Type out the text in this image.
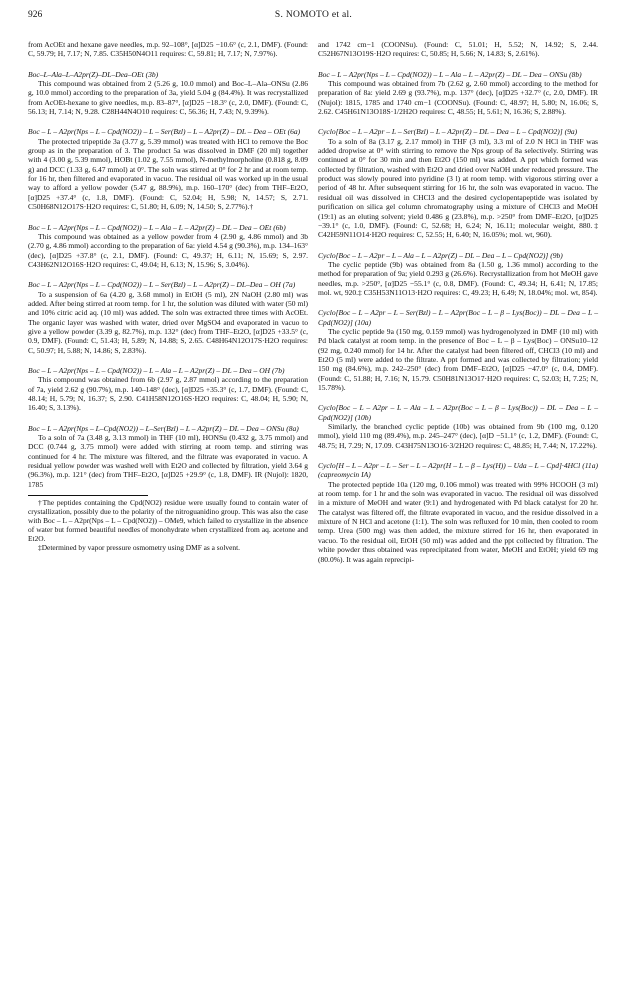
926	S. NOMOTO et al.

from AcOEt and hexane gave needles, m.p. 92–108°, [α]D25 −10.6° (c, 2.1, DMF). (Found: C, 59.79; H, 7.17; N, 7.85. C35H50N4O11 requires: C, 59.81; H, 7.17; N, 7.97%).

Boc–L–Ala–L–A2pr(Z)–DL–Dea–OEt (3b)

This compound was obtained from 2 (5.26 g, 10.0 mmol) and Boc–L–Ala–ONSu (2.86 g, 10.0 mmol) according to the preparation of 3a, yield 5.04 g (84.4%). It was recrystallized from AcOEt-hexane to give needles, m.p. 83–87°, [α]D25 −18.3° (c, 2.0, DMF). (Found: C, 56.13; H, 7.14; N, 9.28. C28H44N4O10 requires: C, 56.36; H, 7.43; N, 9.39%).

Boc – L – A2pr(Nps – L – Cpd(NO2)) – L – Ser(Bzl) – L – A2pr(Z) – DL – Dea – OEt (6a)

The protected tripeptide 3a (3.77 g, 5.39 mmol) was treated with HCl to remove the Boc group as in the preparation of 3. The product 5a was dissolved in DMF (20 ml) together with 4 (3.00 g, 5.39 mmol), HOBt (1.02 g, 7.55 mmol), N-methylmorpholine (0.818 g, 8.09 g) and DCC (1.33 g, 6.47 mmol) at 0°. The soln was stirred at 0° for 2 hr and at room temp. for 16 hr, then filtered and evaporated in vacuo. The residual oil was worked up in the usual way to afford a yellow powder (5.47 g, 88.9%), m.p. 160–170° (dec) from THF–Et2O, [α]D25 +37.4° (c, 1.8, DMF). (Found: C, 52.04; H, 5.98; N, 14.57; S, 2.71. C50H68N12O17S·H2O requires: C, 51.80; H, 6.09; N, 14.50; S, 2.77%).†

Boc – L – A2pr(Nps – L – Cpd(NO2)) – L – Ala – L – A2pr(Z) – DL – Dea – OEt (6b)

This compound was obtained as a yellow powder from 4 (2.90 g, 4.86 mmol) and 3b (2.70 g, 4.86 mmol) according to the preparation of 6a: yield 4.54 g (90.3%), m.p. 134–163° (dec), [α]D25 +37.8° (c, 2.1, DMF). (Found: C, 49.37; H, 6.11; N, 15.69; S, 2.97. C43H62N12O16S·H2O requires: C, 49.04; H, 6.13; N, 15.96; S, 3.04%).

Boc – L – A2pr(Nps – L – Cpd(NO2)) – L – Ser(Bzl) – L – A2pr(Z) – DL–Dea – OH (7a)

To a suspension of 6a (4.20 g, 3.68 mmol) in EtOH (5 ml), 2N NaOH (2.80 ml) was added. After being stirred at room temp. for 1 hr, the solution was diluted with water (50 ml) and 10% citric acid aq. (10 ml) was added. The soln was extracted three times with AcOEt. The organic layer was washed with water, dried over MgSO4 and evaporated in vacuo to give a yellow powder (3.39 g, 82.7%), m.p. 132° (dec) from THF–Et2O, [α]D25 +33.5° (c, 0.9, DMF). (Found: C, 51.43; H, 5.89; N, 14.88; S, 2.65. C48H64N12O17S·H2O requires: C, 50.97; H, 5.88; N, 14.86; S, 2.83%).

Boc – L – A2pr(Nps – L – Cpd(NO2)) – L – Ala – L – A2pr(Z) – DL – Dea – OH (7b)

This compound was obtained from 6b (2.97 g, 2.87 mmol) according to the preparation of 7a, yield 2.62 g (90.7%), m.p. 140–148° (dec), [α]D25 +35.3° (c, 1.7, DMF). (Found: C, 48.14; H, 5.79; N, 16.37; S, 2.90. C41H58N12O16S·H2O requires: C, 48.04; H, 5.90; N, 16.40; S, 3.13%).

Boc – L – A2pr(Nps – L–Cpd(NO2)) – L–Ser(Bzl) – L – A2pr(Z) – DL – Dea – ONSu (8a)

To a soln of 7a (3.48 g, 3.13 mmol) in THF (10 ml), HONSu (0.432 g, 3.75 mmol) and DCC (0.744 g, 3.75 mmol) were added with stirring at room temp. and stirring was continued for 4 hr. The mixture was filtered, and the filtrate was evaporated in vacuo. A residual yellow powder was washed well with Et2O and collected by filtration, yield 3.64 g (96.3%), m.p. 121° (dec) from THF–Et2O, [α]D25 +29.9° (c, 1.8, DMF). IR (Nujol): 1820, 1785

†The peptides containing the Cpd(NO2) residue were usually found to contain water of crystallization, possibly due to the polarity of the nitroguanidino group. This was also the case with Boc – L – A2pr(Nps – L – Cpd(NO2)) – OMe9, which failed to crystallize in the absence of water but formed beautiful needles of monohydrate when crystallized from aq. acetone and Et2O.

‡Determined by vapor pressure osmometry using DMF as a solvent.

and 1742 cm−1 (COONSu). (Found: C, 51.01; H, 5.52; N, 14.92; S, 2.44. C52H67N13O19S·H2O requires: C, 50.85; H, 5.66; N, 14.83; S, 2.61%).

Boc – L – A2pr(Nps – L – Cpd(NO2)) – L – Ala – L – A2pr(Z) – DL – Dea – ONSu (8b)

This compound was obtained from 7b (2.62 g, 2.60 mmol) according to the method for preparation of 8a: yield 2.69 g (93.7%), m.p. 137° (dec), [α]D25 +32.7° (c, 2.0, DMF). IR (Nujol): 1815, 1785 and 1740 cm−1 (COONSu). (Found: C, 48.97; H, 5.80; N, 16.06; S, 2.62. C45H61N13O18S·1/2H2O requires: C, 48.55; H, 5.61; N, 16.36; S, 2.88%).

Cyclo[Boc – L – A2pr – L – Ser(Bzl) – L – A2pr(Z) – DL – Dea – L – Cpd(NO2)] (9a)

To a soln of 8a (3.17 g, 2.17 mmol) in THF (3 ml), 3.3 ml of 2.0 N HCl in THF was added dropwise at 0° with stirring to remove the Nps group of 8a selectively. Stirring was continued at 0° for 30 min and then Et2O (150 ml) was added. A ppt which formed was collected by filtration, washed with Et2O and dried over NaOH under reduced pressure. The product was slowly poured into pyridine (3 l) at room temp. with vigorous stirring over a period of 48 hr. After subsequent stirring for 16 hr, the soln was evaporated in vacuo. The residual oil was dissolved in CHCl3 and the desired cyclopentapeptide was isolated by purification on silica gel column chromatography using a mixture of CHCl3 and MeOH (19:1) as an eluting solvent; yield 0.486 g (23.8%), m.p. >250° from DMF–Et2O, [α]D25 −39.1° (c, 1.0, DMF). (Found: C, 52.68; H, 6.24; N, 16.11; molecular weight, 880.‡ C42H59N11O14·H2O requires: C, 52.55; H, 6.40; N, 16.05%; mol. wt, 960).

Cyclo[Boc – L – A2pr – L – Ala – L – A2pr(Z) – DL – Dea – L – Cpd(NO2)] (9b)

The cyclic peptide (9b) was obtained from 8a (1.50 g, 1.36 mmol) according to the method for preparation of 9a; yield 0.293 g (26.6%). Recrystallization from hot MeOH gave needles, m.p. >250°, [α]D25 −55.1° (c, 0.8, DMF). (Found: C, 49.34; H, 6.41; N, 17.85; mol. wt, 920.‡ C35H53N11O13·H2O requires: C, 49.23; H, 6.49; N, 18.04%; mol. wt, 854).

Cyclo[Boc – L – A2pr – L – Ser(Bzl) – L – A2pr(Boc – L – β – Lys(Boc)) – DL – Dea – L – Cpd(NO2)] (10a)

The cyclic peptide 9a (150 mg, 0.159 mmol) was hydrogenolyzed in DMF (10 ml) with Pd black catalyst at room temp. in the presence of Boc – L – β – Lys(Boc) – ONSu10–12 (92 mg, 0.240 mmol) for 14 hr. After the catalyst had been filtered off, CHCl3 (10 ml) and Et2O (5 ml) were added to the filtrate. A ppt formed and was collected by filtration; yield 150 mg (84.6%), m.p. 242–250° (dec) from DMF–Et2O, [α]D25 −47.0° (c, 0.4, DMF). (Found: C, 51.88; H, 7.16; N, 15.79. C50H81N13O17·H2O requires: C, 52.03; H, 7.25; N, 15.78%).

Cyclo[Boc – L – A2pr – L – Ala – L – A2pr(Boc – L – β – Lys(Boc)) – DL – Dea – L – Cpd(NO2)] (10b)

Similarly, the branched cyclic peptide (10b) was obtained from 9b (100 mg, 0.120 mmol), yield 110 mg (89.4%), m.p. 245–247° (dec), [α]D −51.1° (c, 1.2, DMF). (Found: C, 48.75; H, 7.29; N, 17.09. C43H75N13O16·3/2H2O requires: C, 48.85; H, 7.44; N, 17.22%).

Cyclo[H – L – A2pr – L – Ser – L – A2pr(H – L – β – Lys(H)) – Uda – L – Cpd]·4HCl (11a) (capreomycin IA)

The protected peptide 10a (120 mg, 0.106 mmol) was treated with 99% HCOOH (3 ml) at room temp. for 1 hr and the soln was evaporated in vacuo. The residual oil was dissolved in a mixture of MeOH and water (9:1) and hydrogenated with Pd black catalyst for 20 hr. The catalyst was filtered off, the filtrate evaporated in vacuo, and the residue dissolved in a mixture of N HCl and acetone (1:1). The soln was refluxed for 10 min, then cooled to room temp. Urea (500 mg) was then added, the mixture stirred for 16 hr, then evaporated in vacuo. To the residual oil, EtOH (50 ml) was added and the ppt collected by filtration. The white powder thus obtained was reprecipitated from water, MeOH and EtOH; yield 69 mg (80.0%). It was again reprecipi-
